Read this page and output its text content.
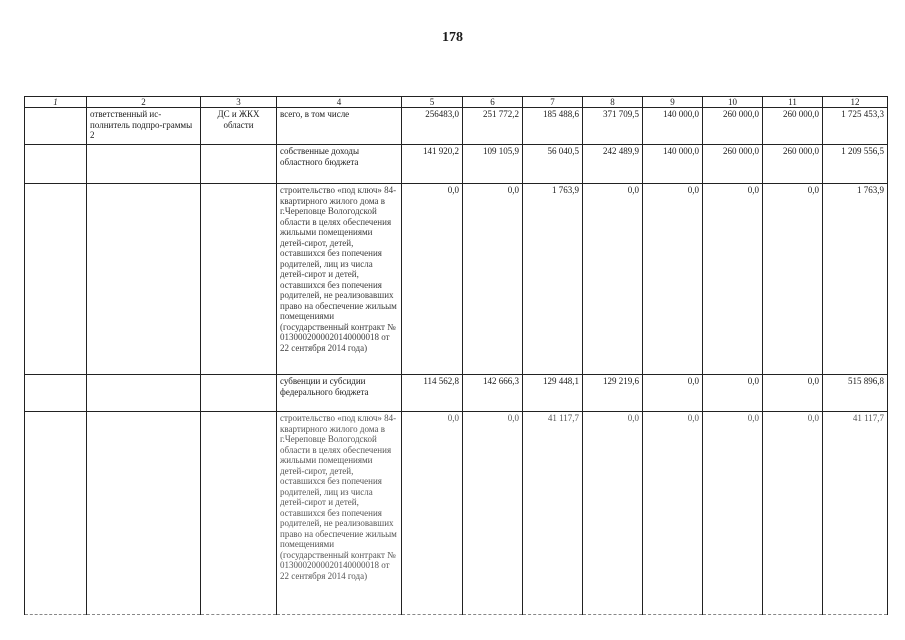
178
1	2	3	4	5	6	7	8	9	10	11	12
	ответственный ис-полнитель подпро-граммы 2	ДС и ЖКХ области	всего, в том числе	256483,0	251 772,2	185 488,6	371 709,5	140 000,0	260 000,0	260 000,0	1 725 453,3
			собственные доходы областного бюджета	141 920,2	109 105,9	56 040,5	242 489,9	140 000,0	260 000,0	260 000,0	1 209 556,5
			строительство «под ключ» 84-квартирного жилого дома в г.Череповце Вологодской области в целях обеспечения жильыми помещениями детей-сирот, детей, оставшихся без попечения родителей, лиц из числа детей-сирот и детей, оставшихся без попечения родителей, не реализовавших право на обеспечение жильым помещениями (государственный контракт № 0130002000020140000018 от 22 сентября 2014 года)	0,0	0,0	1 763,9	0,0	0,0	0,0	0,0	1 763,9
			субвенции и субсидии федерального бюджета	114 562,8	142 666,3	129 448,1	129 219,6	0,0	0,0	0,0	515 896,8
			строительство «под ключ» 84-квартирного жилого дома в г.Череповце Вологодской области в целях обеспечения жильыми помещениями детей-сирот, детей, оставшихся без попечения родителей, лиц из числа детей-сирот и детей, оставшихся без попечения родителей, не реализовавших право на обеспечение жильым помещениями (государственный контракт № 0130002000020140000018 от 22 сентября 2014 года)	0,0	0,0	41 117,7	0,0	0,0	0,0	0,0	41 117,7
